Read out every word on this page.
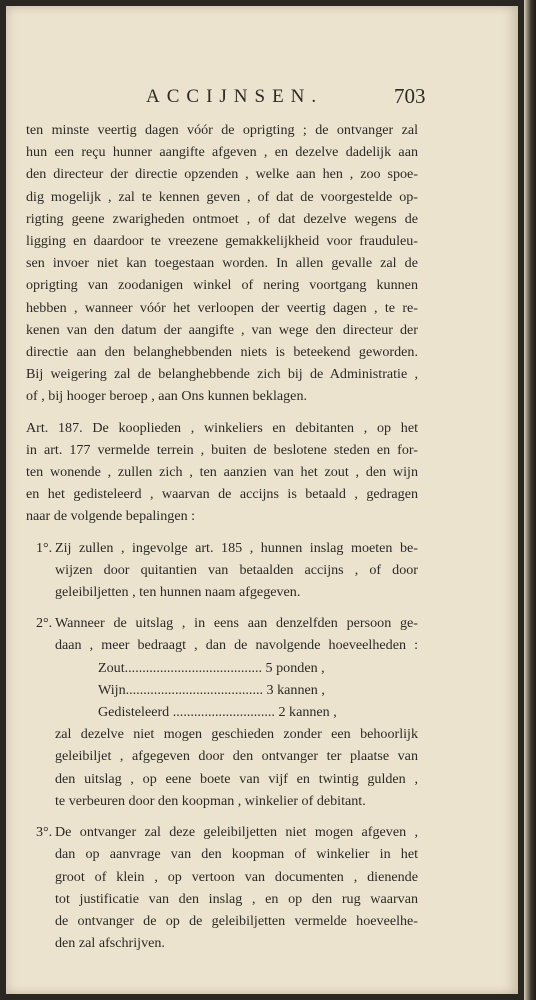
ACCIJNSEN.	703
ten minste veertig dagen vóór de oprigting ; de ontvanger zal
hun een reçu hunner aangifte afgeven , en dezelve dadelijk aan
den directeur der directie opzenden , welke aan hen , zoo spoe-
dig mogelijk , zal te kennen geven , of dat de voorgestelde op-
rigting geene zwarigheden ontmoet , of dat dezelve wegens de
ligging en daardoor te vreezene gemakkelijkheid voor frauduleu-
sen invoer niet kan toegestaan worden. In allen gevalle zal de
oprigting van zoodanigen winkel of nering voortgang kunnen
hebben , wanneer vóór het verloopen der veertig dagen , te re-
kenen van den datum der aangifte , van wege den directeur der
directie aan den belanghebbenden niets is beteekend geworden.
Bij weigering zal de belanghebbende zich bij de Administratie ,
of , bij hooger beroep , aan Ons kunnen beklagen.
Art. 187. De kooplieden , winkeliers en debitanten , op het
in art. 177 vermelde terrein , buiten de beslotene steden en for-
ten wonende , zullen zich , ten aanzien van het zout , den wijn
en het gedisteleerd , waarvan de accijns is betaald , gedragen
naar de volgende bepalingen :
1°. Zij zullen , ingevolge art. 185 , hunnen inslag moeten be-
wijzen door quitantien van betaalden accijns , of door
geleibiljetten , ten hunnen naam afgegeven.
2°. Wanneer de uitslag , in eens aan denzelfden persoon ge-
daan , meer bedraagt , dan de navolgende hoeveelheden :
Zout....................................... 5 ponden ,
Wijn....................................... 3 kannen ,
Gedisteleerd ............................. 2 kannen ,
zal dezelve niet mogen geschieden zonder een behoorlijk
geleibiljet , afgegeven door den ontvanger ter plaatse van
den uitslag , op eene boete van vijf en twintig gulden ,
te verbeuren door den koopman , winkelier of debitant.
3°. De ontvanger zal deze geleibiljetten niet mogen afgeven ,
dan op aanvrage van den koopman of winkelier in het
groot of klein , op vertoon van documenten , dienende
tot justificatie van den inslag , en op den rug waarvan
de ontvanger de op de geleibiljetten vermelde hoeveelhe-
den zal afschrijven.
